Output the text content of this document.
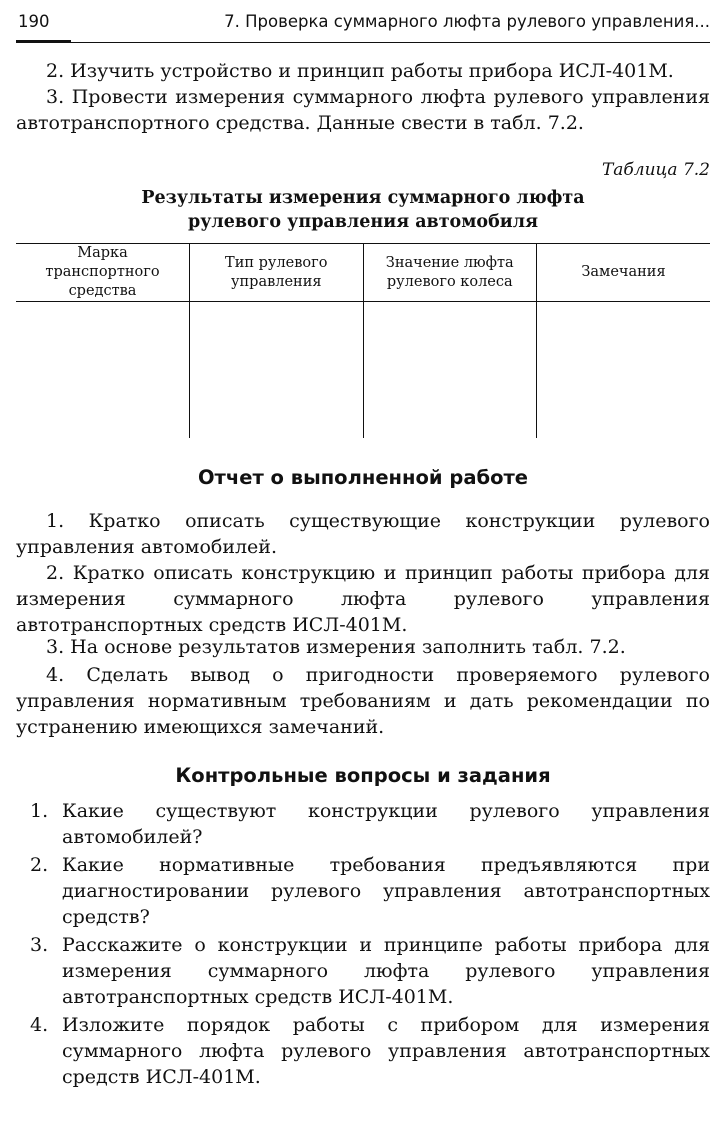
190	7. Проверка суммарного люфта рулевого управления...

2. Изучить устройство и принцип работы прибора ИСЛ-401М.

3. Провести измерения суммарного люфта рулевого управления автотранспортного средства. Данные свести в табл. 7.2.

Таблица 7.2
Результаты измерения суммарного люфта
рулевого управления автомобиля
Марка транспортного средства	Тип рулевого управления	Значение люфта рулевого колеса	Замечания

Отчет о выполненной работе

1. Кратко описать существующие конструкции рулевого управления автомобилей.

2. Кратко описать конструкцию и принцип работы прибора для измерения суммарного люфта рулевого управления автотранспортных средств ИСЛ-401М.

3. На основе результатов измерения заполнить табл. 7.2.

4. Сделать вывод о пригодности проверяемого рулевого управления нормативным требованиям и дать рекомендации по устранению имеющихся замечаний.

Контрольные вопросы и задания
1. Какие существуют конструкции рулевого управления автомобилей?
2. Какие нормативные требования предъявляются при диагностировании рулевого управления автотранспортных средств?
3. Расскажите о конструкции и принципе работы прибора для измерения суммарного люфта рулевого управления автотранспортных средств ИСЛ-401М.
4. Изложите порядок работы с прибором для измерения суммарного люфта рулевого управления автотранспортных средств ИСЛ-401М.
